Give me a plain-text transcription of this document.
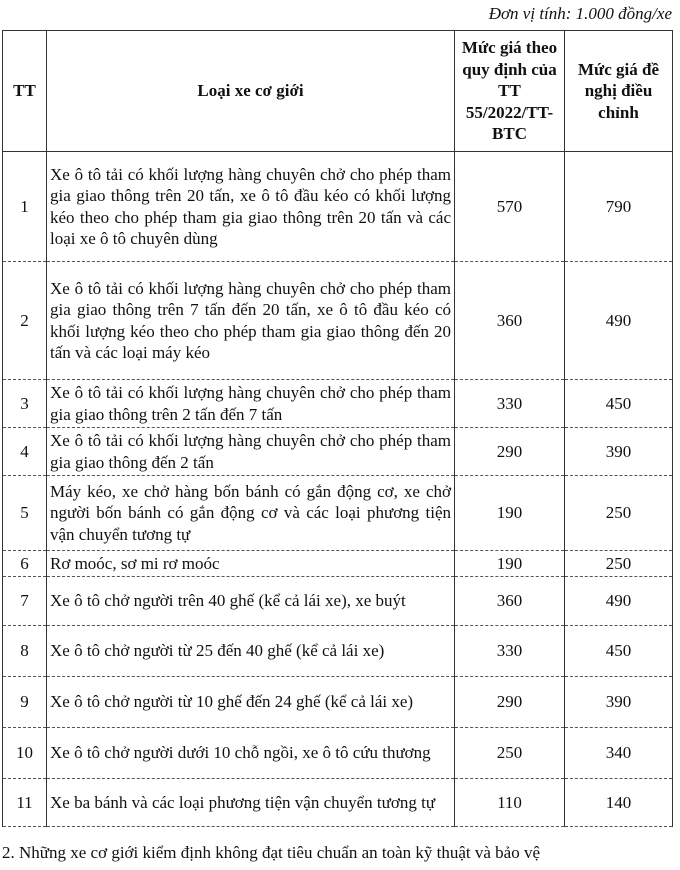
Đơn vị tính: 1.000 đồng/xe
TT	Loại xe cơ giới	Mức giá theo quy định của TT 55/2022/TT-BTC	Mức giá đề nghị điều chỉnh
1	Xe ô tô tải có khối lượng hàng chuyên chở cho phép tham gia giao thông trên 20 tấn, xe ô tô đầu kéo có khối lượng kéo theo cho phép tham gia giao thông trên 20 tấn và các loại xe ô tô chuyên dùng	570	790
2	Xe ô tô tải có khối lượng hàng chuyên chở cho phép tham gia giao thông trên 7 tấn đến 20 tấn, xe ô tô đầu kéo có khối lượng kéo theo cho phép tham gia giao thông đến 20 tấn và các loại máy kéo	360	490
3	Xe ô tô tải có khối lượng hàng chuyên chở cho phép tham gia giao thông trên 2 tấn đến 7 tấn	330	450
4	Xe ô tô tải có khối lượng hàng chuyên chở cho phép tham gia giao thông đến 2 tấn	290	390
5	Máy kéo, xe chở hàng bốn bánh có gắn động cơ, xe chở người bốn bánh có gắn động cơ và các loại phương tiện vận chuyển tương tự	190	250
6	Rơ moóc, sơ mi rơ moóc	190	250
7	Xe ô tô chở người trên 40 ghế (kể cả lái xe), xe buýt	360	490
8	Xe ô tô chở người từ 25 đến 40 ghế (kể cả lái xe)	330	450
9	Xe ô tô chở người từ 10 ghế đến 24 ghế (kể cả lái xe)	290	390
10	Xe ô tô chở người dưới 10 chỗ ngồi, xe ô tô cứu thương	250	340
11	Xe ba bánh và các loại phương tiện vận chuyển tương tự	110	140
2. Những xe cơ giới kiểm định không đạt tiêu chuẩn an toàn kỹ thuật và bảo vệ
